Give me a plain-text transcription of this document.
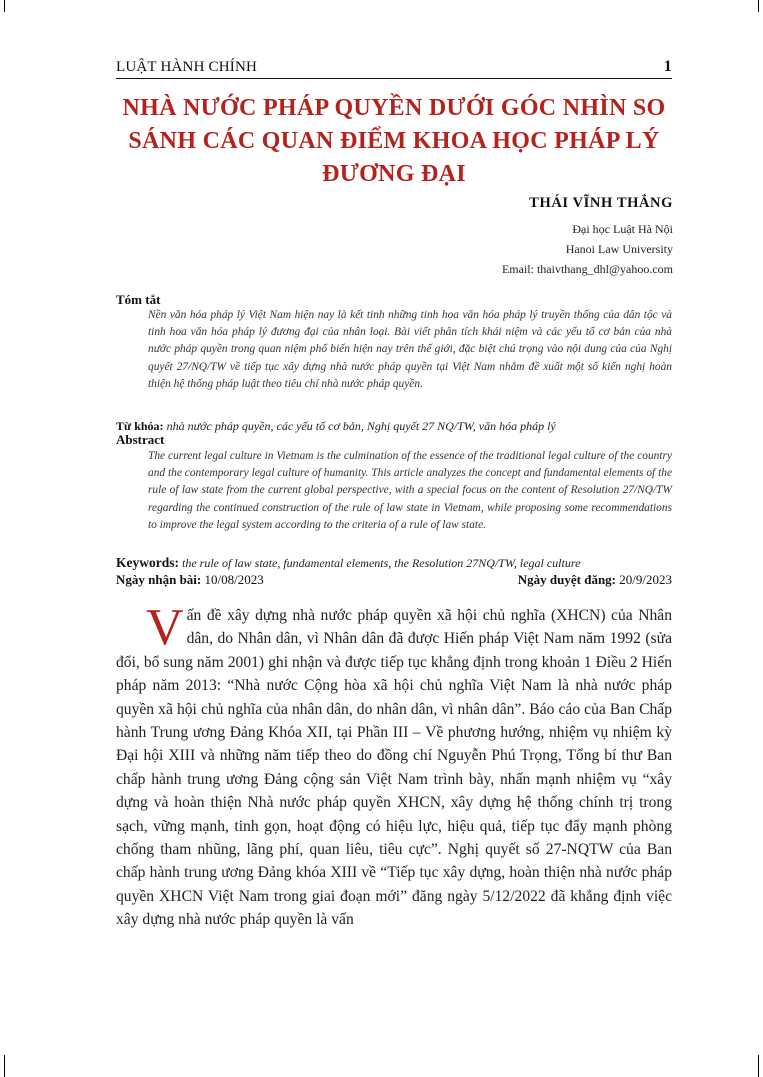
LUẬT HÀNH CHÍNH	1
NHÀ NƯỚC PHÁP QUYỀN DƯỚI GÓC NHÌN SO SÁNH CÁC QUAN ĐIỂM KHOA HỌC PHÁP LÝ ĐƯƠNG ĐẠI
THÁI VĨNH THẮNG
Đại học Luật Hà Nội
Hanoi Law University
Email: thaivthang_dhl@yahoo.com
Tóm tắt

Nền văn hóa pháp lý Việt Nam hiện nay là kết tinh những tinh hoa văn hóa pháp lý truyền thống của dân tộc và tinh hoa văn hóa pháp lý đương đại của nhân loại. Bài viết phân tích khái niệm và các yếu tố cơ bản của nhà nước pháp quyền trong quan niệm phổ biến hiện nay trên thế giới, đặc biệt chú trọng vào nội dung của của Nghị quyết 27/NQ/TW về tiếp tục xây dựng nhà nước pháp quyền tại Việt Nam nhằm đề xuất một số kiến nghị hoàn thiện hệ thống pháp luật theo tiêu chí nhà nước pháp quyền.

Từ khóa: nhà nước pháp quyền, các yếu tố cơ bản, Nghị quyết 27 NQ/TW, văn hóa pháp lý
Abstract

The current legal culture in Vietnam is the culmination of the essence of the traditional legal culture of the country and the contemporary legal culture of humanity. This article analyzes the concept and fundamental elements of the rule of law state from the current global perspective, with a special focus on the content of Resolution 27/NQ/TW regarding the continued construction of the rule of law state in Vietnam, while proposing some recommendations to improve the legal system according to the criteria of a rule of law state.

Keywords: the rule of law state, fundamental elements, the Resolution 27NQ/TW, legal culture
Ngày nhận bài: 10/08/2023	Ngày duyệt đăng: 20/9/2023

Vấn đề xây dựng nhà nước pháp quyền xã hội chủ nghĩa (XHCN) của Nhân dân, do Nhân dân, vì Nhân dân đã được Hiến pháp Việt Nam năm 1992 (sửa đổi, bổ sung năm 2001) ghi nhận và được tiếp tục khẳng định trong khoản 1 Điều 2 Hiến pháp năm 2013: “Nhà nước Cộng hòa xã hội chủ nghĩa Việt Nam là nhà nước pháp quyền xã hội chủ nghĩa của nhân dân, do nhân dân, vì nhân dân”. Báo cáo của Ban Chấp hành Trung ương Đảng Khóa XII, tại Phần III – Về phương hướng, nhiệm vụ nhiệm kỳ Đại hội XIII và những năm tiếp theo do đồng chí Nguyễn Phú Trọng, Tổng bí thư Ban chấp hành trung ương Đảng cộng sản Việt Nam trình bày, nhấn mạnh nhiệm vụ “xây dựng và hoàn thiện Nhà nước pháp quyền XHCN, xây dựng hệ thống chính trị trong sạch, vững mạnh, tinh gọn, hoạt động có hiệu lực, hiệu quả, tiếp tục đẩy mạnh phòng chống tham nhũng, lãng phí, quan liêu, tiêu cực”. Nghị quyết số 27-NQTW của Ban chấp hành trung ương Đảng khóa XIII về “Tiếp tục xây dựng, hoàn thiện nhà nước pháp quyền XHCN Việt Nam trong giai đoạn mới” đăng ngày 5/12/2022 đã khẳng định việc xây dựng nhà nước pháp quyền là vấn
